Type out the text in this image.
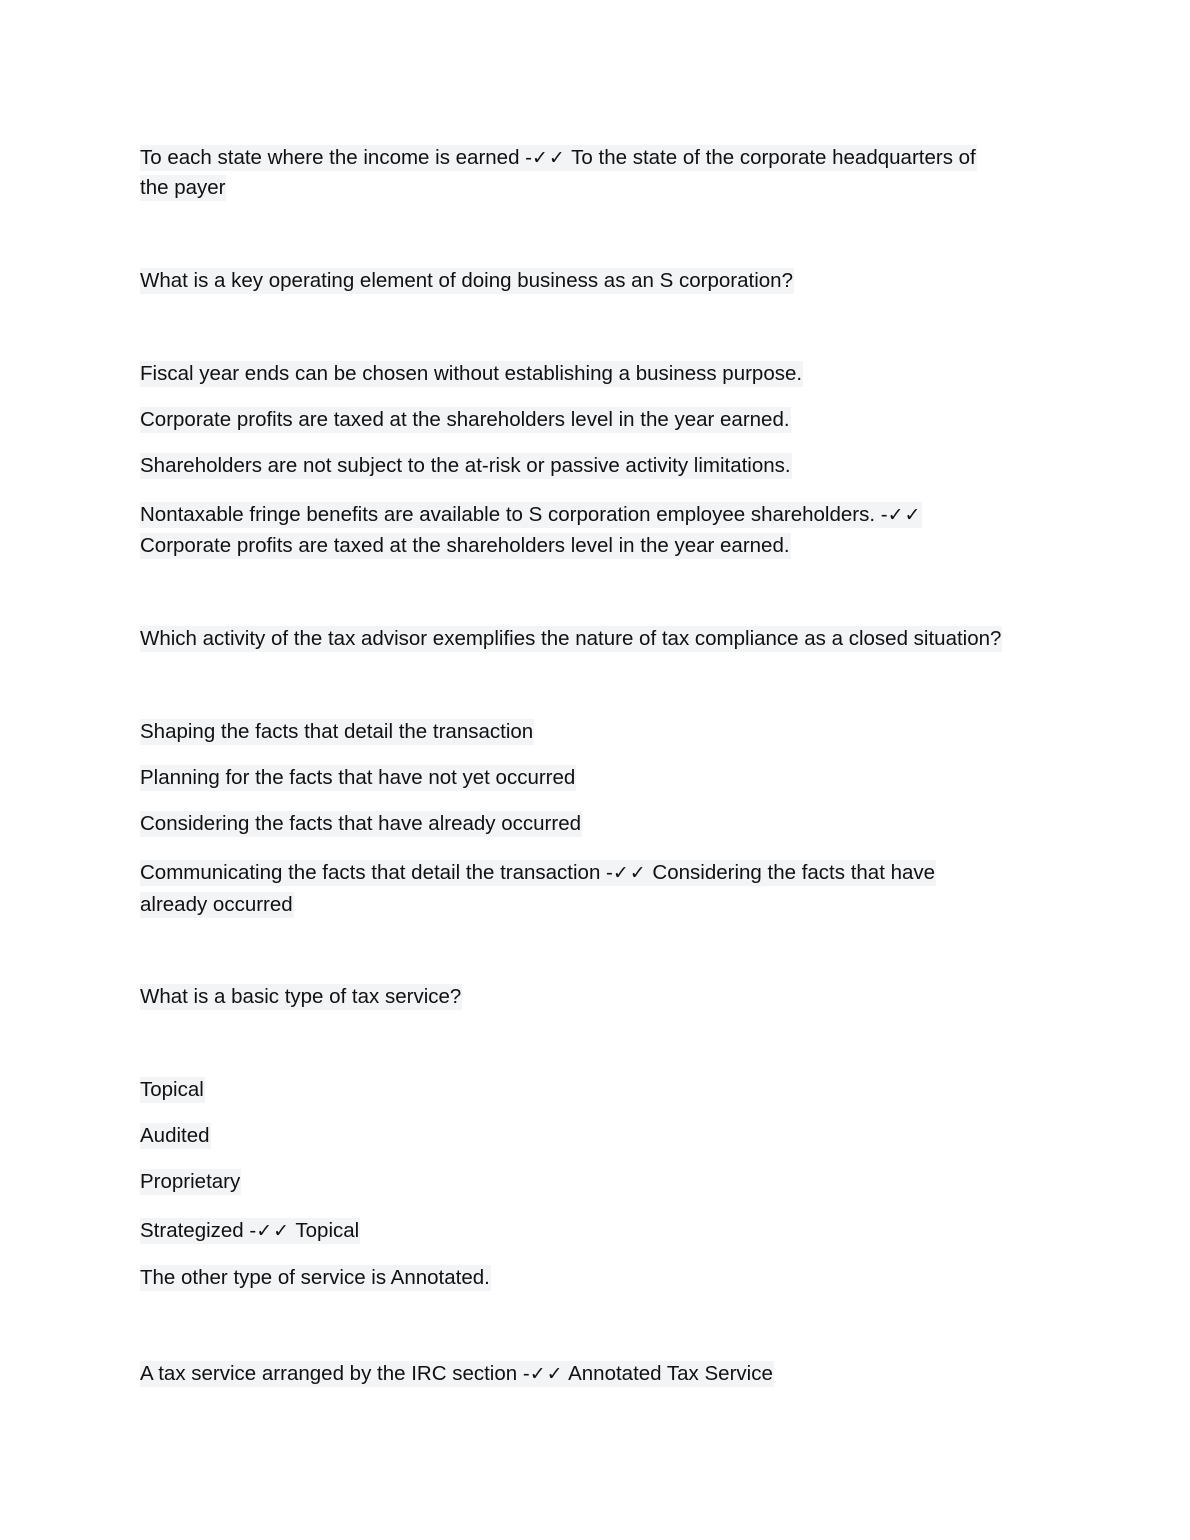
To each state where the income is earned -✓✓ To the state of the corporate headquarters of
the payer
What is a key operating element of doing business as an S corporation?
Fiscal year ends can be chosen without establishing a business purpose.
Corporate profits are taxed at the shareholders level in the year earned.
Shareholders are not subject to the at-risk or passive activity limitations.
Nontaxable fringe benefits are available to S corporation employee shareholders. -✓✓
Corporate profits are taxed at the shareholders level in the year earned.
Which activity of the tax advisor exemplifies the nature of tax compliance as a closed situation?
Shaping the facts that detail the transaction
Planning for the facts that have not yet occurred
Considering the facts that have already occurred
Communicating the facts that detail the transaction -✓✓ Considering the facts that have
already occurred
What is a basic type of tax service?
Topical
Audited
Proprietary
Strategized -✓✓ Topical
The other type of service is Annotated.
A tax service arranged by the IRC section -✓✓ Annotated Tax Service
